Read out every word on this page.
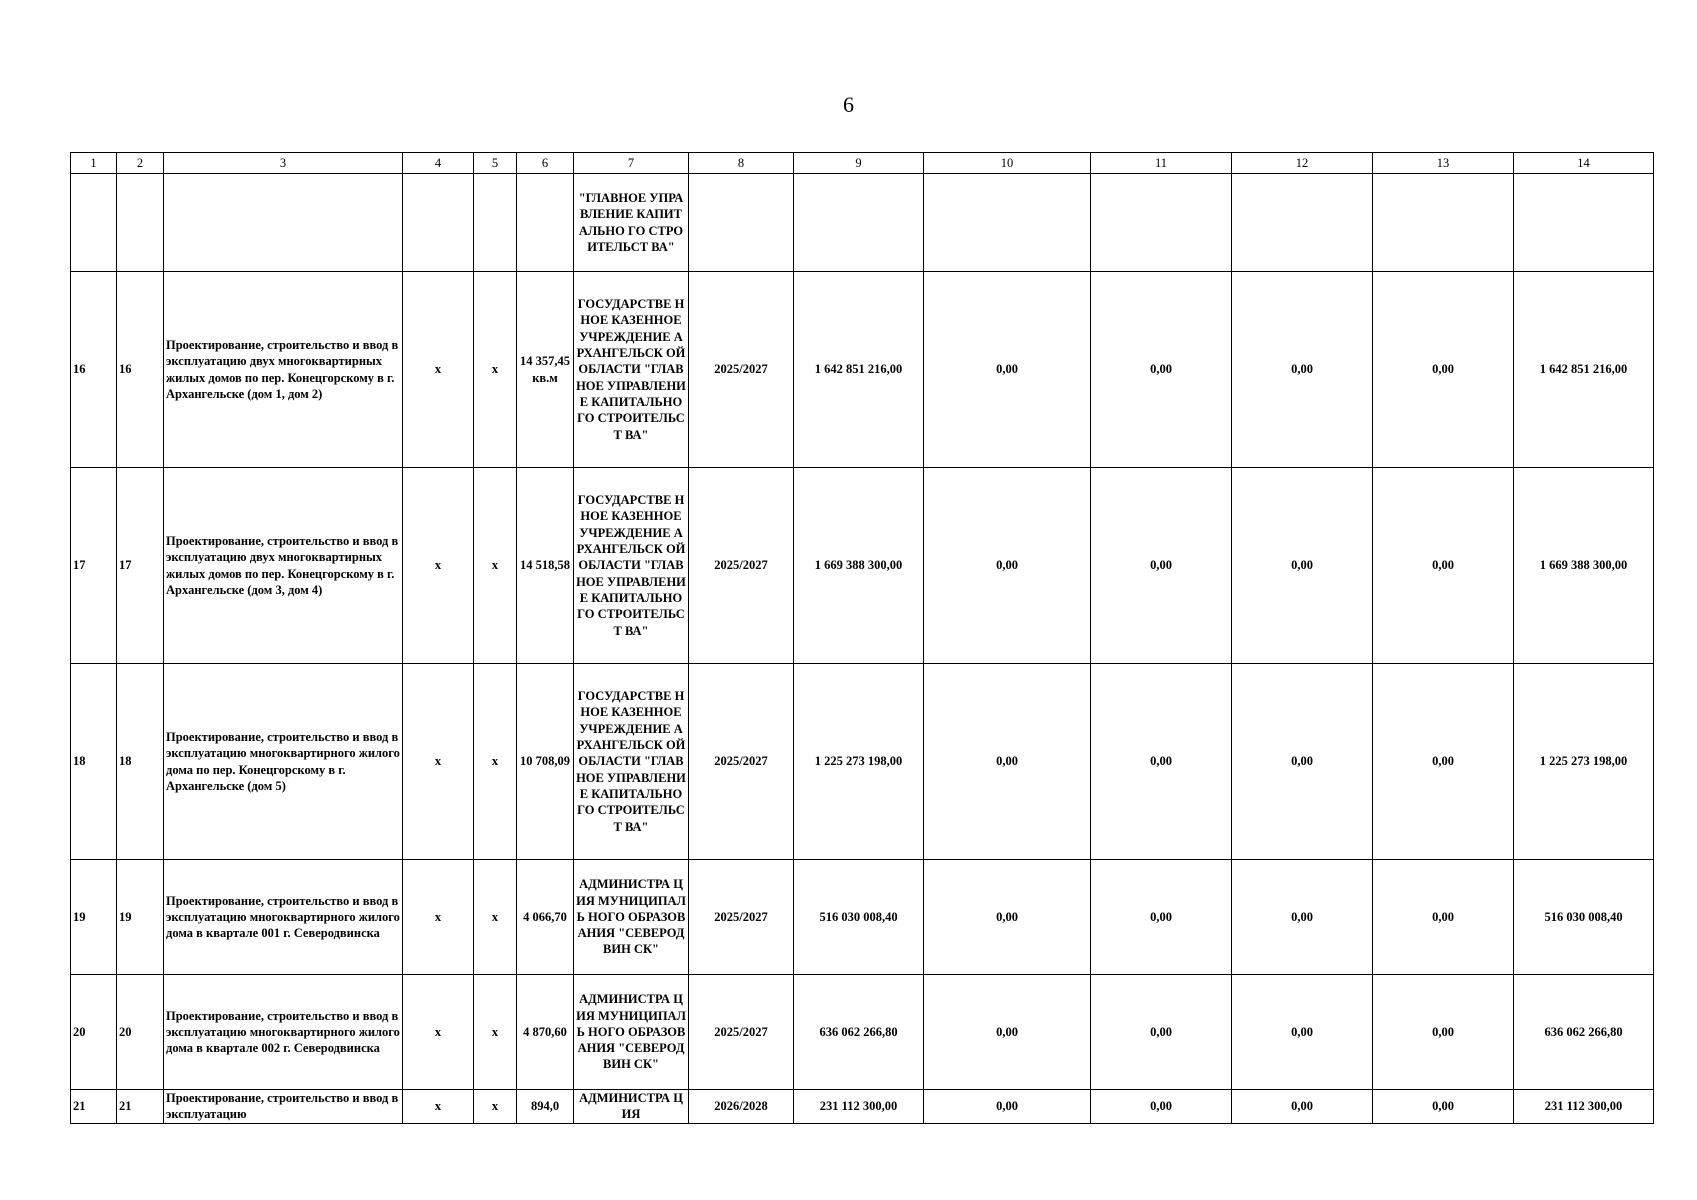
6
1	2	3	4	5	6	7	8	9	10	11	12	13	14
						"ГЛАВНОЕ УПРАВЛЕНИЕ КАПИТАЛЬНО ГО СТРОИТЕЛЬСТ ВА"							
16	16	Проектирование, строительство и ввод в эксплуатацию двух многоквартирных жилых домов по пер. Конецгорскому в г. Архангельске (дом 1, дом 2)	x	x	14 357,45 кв.м	ГОСУДАРСТВЕ ННОЕ КАЗЕННОЕ УЧРЕЖДЕНИЕ АРХАНГЕЛЬСК ОЙ ОБЛАСТИ "ГЛАВНОЕ УПРАВЛЕНИЕ КАПИТАЛЬНО ГО СТРОИТЕЛЬСТ ВА"	2025/2027	1 642 851 216,00	0,00	0,00	0,00	0,00	1 642 851 216,00
17	17	Проектирование, строительство и ввод в эксплуатацию двух многоквартирных жилых домов по пер. Конецгорскому в г. Архангельске (дом 3, дом 4)	x	x	14 518,58	ГОСУДАРСТВЕ ННОЕ КАЗЕННОЕ УЧРЕЖДЕНИЕ АРХАНГЕЛЬСК ОЙ ОБЛАСТИ "ГЛАВНОЕ УПРАВЛЕНИЕ КАПИТАЛЬНО ГО СТРОИТЕЛЬСТ ВА"	2025/2027	1 669 388 300,00	0,00	0,00	0,00	0,00	1 669 388 300,00
18	18	Проектирование, строительство и ввод в эксплуатацию многоквартирного жилого дома по пер. Конецгорскому в г. Архангельске (дом 5)	x	x	10 708,09	ГОСУДАРСТВЕ ННОЕ КАЗЕННОЕ УЧРЕЖДЕНИЕ АРХАНГЕЛЬСК ОЙ ОБЛАСТИ "ГЛАВНОЕ УПРАВЛЕНИЕ КАПИТАЛЬНО ГО СТРОИТЕЛЬСТ ВА"	2025/2027	1 225 273 198,00	0,00	0,00	0,00	0,00	1 225 273 198,00
19	19	Проектирование, строительство и ввод в эксплуатацию многоквартирного жилого дома в квартале 001 г. Северодвинска	x	x	4 066,70	АДМИНИСТРА ЦИЯ МУНИЦИПАЛЬ НОГО ОБРАЗОВАНИЯ "СЕВЕРОДВИН СК"	2025/2027	516 030 008,40	0,00	0,00	0,00	0,00	516 030 008,40
20	20	Проектирование, строительство и ввод в эксплуатацию многоквартирного жилого дома в квартале 002 г. Северодвинска	x	x	4 870,60	АДМИНИСТРА ЦИЯ МУНИЦИПАЛЬ НОГО ОБРАЗОВАНИЯ "СЕВЕРОДВИН СК"	2025/2027	636 062 266,80	0,00	0,00	0,00	0,00	636 062 266,80
21	21	Проектирование, строительство и ввод в эксплуатацию	x	x	894,0	АДМИНИСТРА ЦИЯ	2026/2028	231 112 300,00	0,00	0,00	0,00	0,00	231 112 300,00
